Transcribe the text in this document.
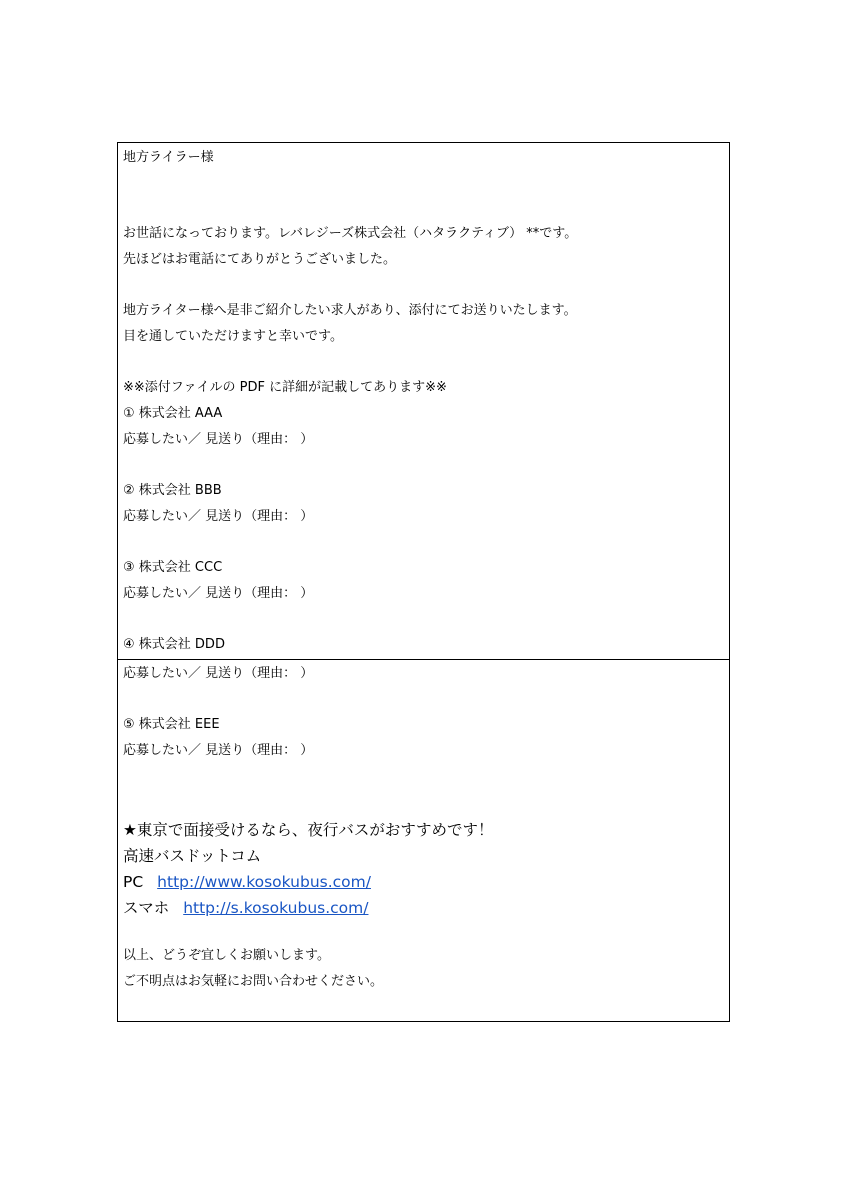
地方ライラー様
お世話になっております。レバレジーズ株式会社（ハタラクティブ） **です。
先ほどはお電話にてありがとうございました。
地方ライター様へ是非ご紹介したい求人があり、添付にてお送りいたします。
目を通していただけますと幸いです。
※※添付ファイルの PDF に詳細が記載してあります※※
① 株式会社 AAA
応募したい／ 見送り（理由： ）
② 株式会社 BBB
応募したい／ 見送り（理由： ）
③ 株式会社 CCC
応募したい／ 見送り（理由： ）
④ 株式会社 DDD
応募したい／ 見送り（理由： ）
⑤ 株式会社 EEE
応募したい／ 見送り（理由： ）
★東京で面接受けるなら、夜行バスがおすすめです！
高速バスドットコム
PC http://www.kosokubus.com/
スマホ http://s.kosokubus.com/
以上、どうぞ宜しくお願いします。
ご不明点はお気軽にお問い合わせください。
